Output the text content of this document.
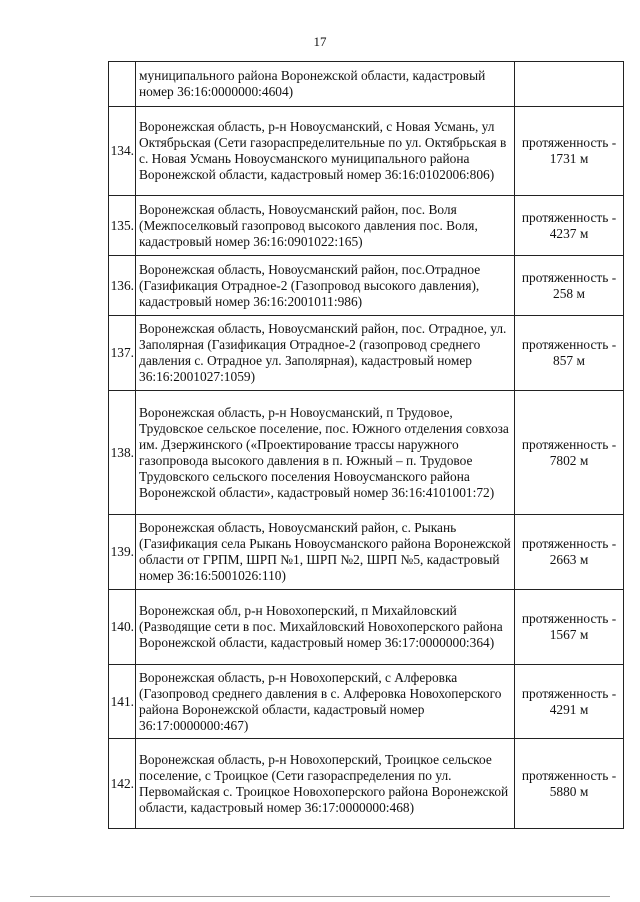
17
	муниципального района Воронежской области, кадастровый номер 36:16:0000000:4604)	
134.	Воронежская область, р-н Новоусманский, с Новая Усмань, ул Октябрьская (Сети газораспределительные по ул. Октябрьская в с. Новая Усмань Новоусманского муниципального района Воронежской области, кадастровый номер 36:16:0102006:806)	протяженность - 1731 м
135.	Воронежская область, Новоусманский район, пос. Воля (Межпоселковый газопровод высокого давления пос. Воля, кадастровый номер 36:16:0901022:165)	протяженность - 4237 м
136.	Воронежская область, Новоусманский район, пос.Отрадное (Газификация Отрадное-2 (Газопровод высокого давления), кадастровый номер 36:16:2001011:986)	протяженность - 258 м
137.	Воронежская область, Новоусманский район, пос. Отрадное, ул. Заполярная (Газификация Отрадное-2 (газопровод среднего давления с. Отрадное ул. Заполярная), кадастровый номер 36:16:2001027:1059)	протяженность - 857 м
138.	Воронежская область, р-н Новоусманский, п Трудовое, Трудовское сельское поселение, пос. Южного отделения совхоза им. Дзержинского («Проектирование трассы наружного газопровода высокого давления в п. Южный – п. Трудовое Трудовского сельского поселения Новоусманского района Воронежской области», кадастровый номер 36:16:4101001:72)	протяженность - 7802 м
139.	Воронежская область, Новоусманский район, с. Рыкань (Газификация села Рыкань Новоусманского района Воронежской области от ГРПМ, ШРП №1, ШРП №2, ШРП №5, кадастровый номер 36:16:5001026:110)	протяженность - 2663 м
140.	Воронежская обл, р-н Новохоперский, п Михайловский (Разводящие сети в пос. Михайловский Новохоперского района Воронежской области, кадастровый номер 36:17:0000000:364)	протяженность - 1567 м
141.	Воронежская область, р-н Новохоперский, с Алферовка (Газопровод среднего давления в с. Алферовка Новохоперского района Воронежской области, кадастровый номер 36:17:0000000:467)	протяженность - 4291 м
142.	Воронежская область, р-н Новохоперский, Троицкое сельское поселение, с Троицкое (Сети газораспределения по ул. Первомайская с. Троицкое Новохоперского района Воронежской области, кадастровый номер 36:17:0000000:468)	протяженность - 5880 м
